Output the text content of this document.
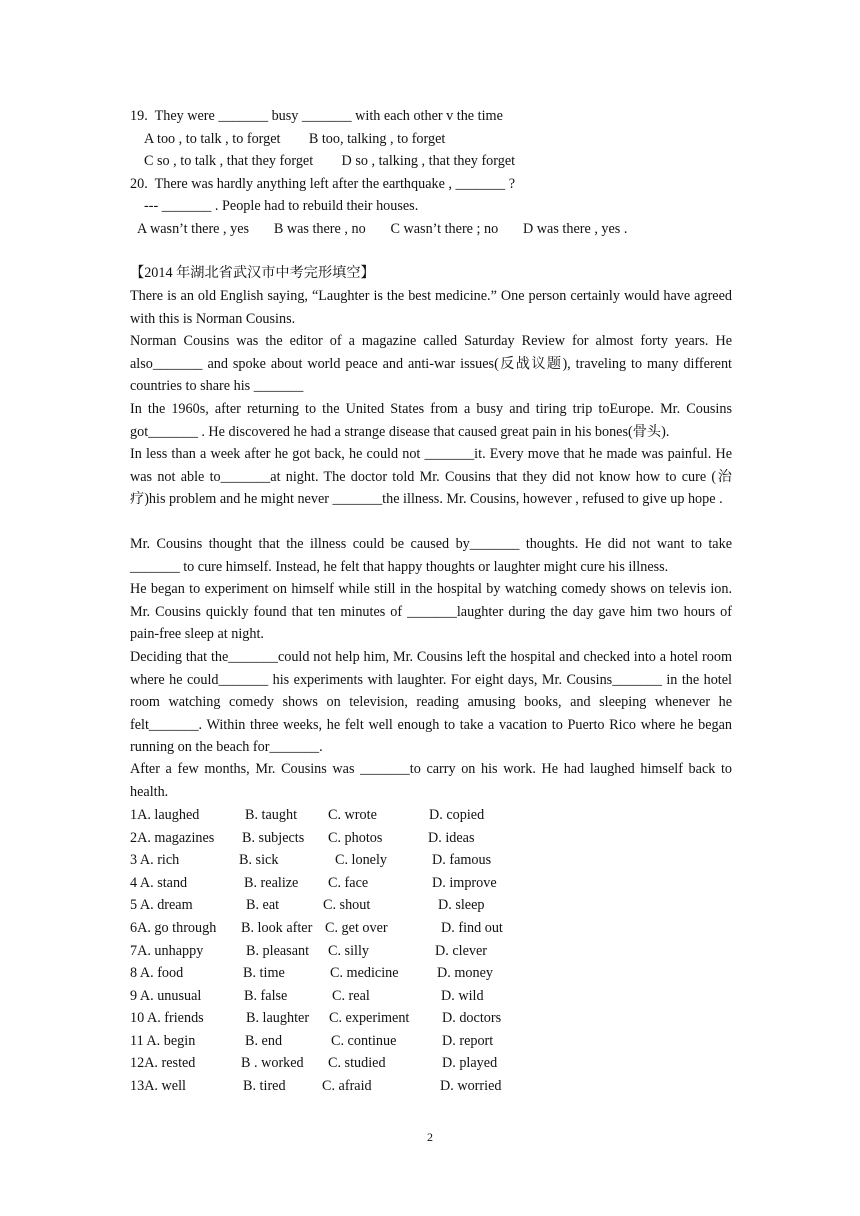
19.  They were _______ busy _______ with each other v the time
A too , to talk , to forget        B too, talking , to forget
C so , to talk , that they forget        D so , talking , that they forget
20.  There was hardly anything left after the earthquake , _______ ?
--- _______ . People had to rebuild their houses.
A wasn’t there , yes       B was there , no       C wasn’t there ; no       D was there , yes .
【2014 年湖北省武汉市中考完形填空】
There is an old English saying, “Laughter is the best medicine.” One person certainly would have agreed with this is Norman Cousins.
Norman Cousins was the editor of a magazine called Saturday Review for almost forty years. He also_______ and spoke about world peace and anti-war issues(反战议题), traveling to many different countries to share his _______
In the 1960s, after returning to the United States from a busy and tiring trip toEurope. Mr. Cousins got_______ . He discovered he had a strange disease that caused great pain in his bones(骨头).
In less than a week after he got back, he could not _______it. Every move that he made was painful. He was not able to_______at night. The doctor told Mr. Cousins that they did not know how to cure (治疗)his problem and he might never _______the illness. Mr. Cousins, however , refused to give up hope .
Mr. Cousins thought that the illness could be caused by_______ thoughts. He did not want to take _______ to cure himself. Instead, he felt that happy thoughts or laughter might cure his illness.
He began to experiment on himself while still in the hospital by watching comedy shows on televis ion. Mr. Cousins quickly found that ten minutes of _______laughter during the day gave him two hours of pain-free sleep at night.
Deciding that the_______could not help him, Mr. Cousins left the hospital and checked into a hotel room where he could_______ his experiments with laughter. For eight days, Mr. Cousins_______ in the hotel room watching comedy shows on television, reading amusing books, and sleeping whenever he felt_______. Within three weeks, he felt well enough to take a vacation to Puerto Rico where he began running on the beach for_______.
After a few months, Mr. Cousins was _______to carry on his work. He had laughed himself back to health.
1A. laughed	B. taught C. wrote	D. copied
2A. magazines B. subjects C. photos	D. ideas
3 A. rich	B. sick	C. lonely	D. famous
4 A. stand	B. realize C. face	D. improve
5 A. dream	B. eat	C. shout	D. sleep
6A. go through B. look after C. get over	D. find out
7A. unhappy	B. pleasant C. silly	D. clever
8 A. food	B. time	C. medicine	D. money
9 A. unusual	B. false	C. real	D. wild
10 A. friends	B. laughter C. experiment D. doctors
11 A. begin	B. end	C. continue	D. report
12A. rested	B . worked C. studied	D. played
13A. well	B. tired	C. afraid	D. worried
2
